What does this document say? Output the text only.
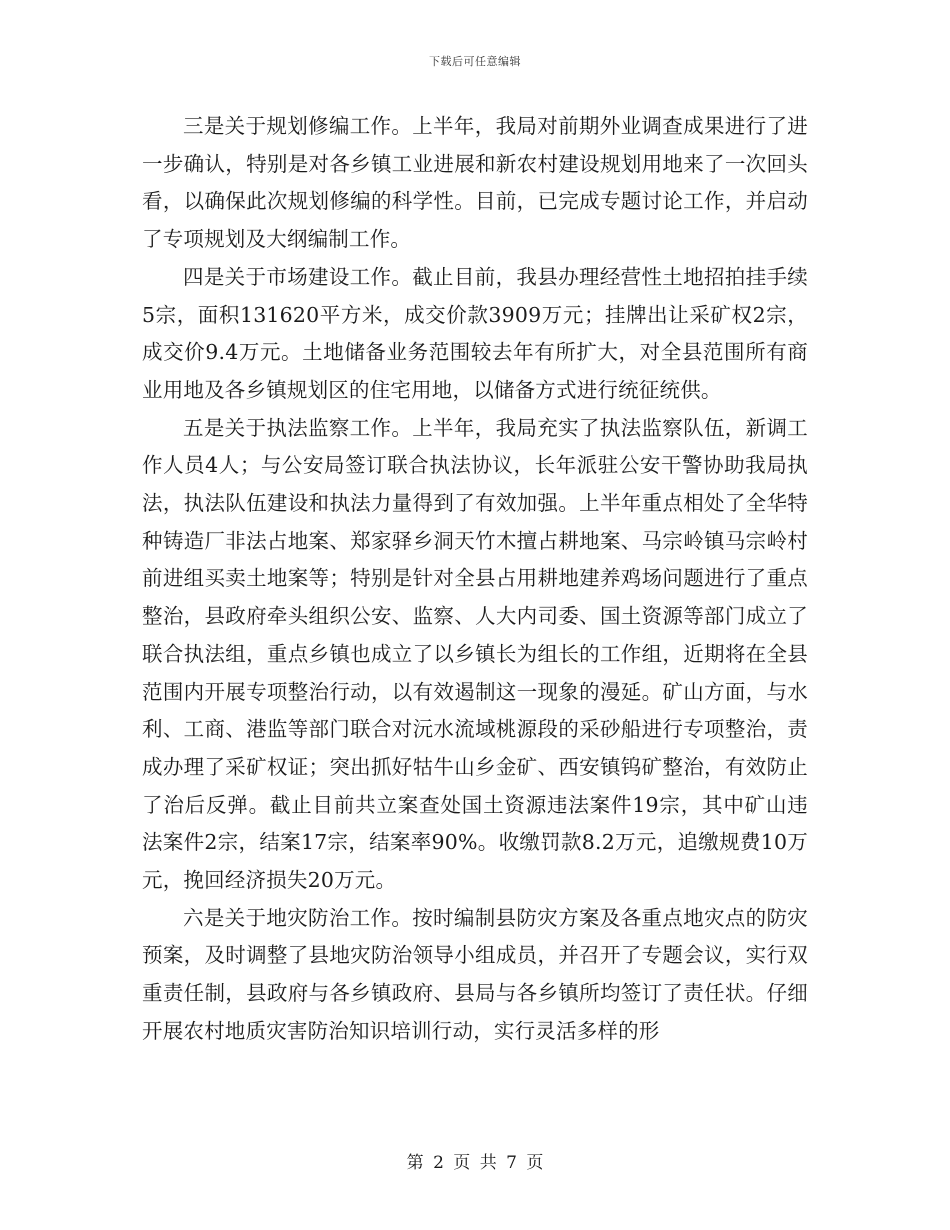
下载后可任意编辑

三是关于规划修编工作。上半年，我局对前期外业调查成果进行了进一步确认，特别是对各乡镇工业进展和新农村建设规划用地来了一次回头看，以确保此次规划修编的科学性。目前，已完成专题讨论工作，并启动了专项规划及大纲编制工作。

四是关于市场建设工作。截止目前，我县办理经营性土地招拍挂手续5宗，面积131620平方米，成交价款3909万元；挂牌出让采矿权2宗，成交价9.4万元。土地储备业务范围较去年有所扩大，对全县范围所有商业用地及各乡镇规划区的住宅用地，以储备方式进行统征统供。

五是关于执法监察工作。上半年，我局充实了执法监察队伍，新调工作人员4人；与公安局签订联合执法协议，长年派驻公安干警协助我局执法，执法队伍建设和执法力量得到了有效加强。上半年重点相处了全华特种铸造厂非法占地案、郑家驿乡洞天竹木擅占耕地案、马宗岭镇马宗岭村前进组买卖土地案等；特别是针对全县占用耕地建养鸡场问题进行了重点整治，县政府牵头组织公安、监察、人大内司委、国土资源等部门成立了联合执法组，重点乡镇也成立了以乡镇长为组长的工作组，近期将在全县范围内开展专项整治行动，以有效遏制这一现象的漫延。矿山方面，与水利、工商、港监等部门联合对沅水流域桃源段的采砂船进行专项整治，责成办理了采矿权证；突出抓好牯牛山乡金矿、西安镇钨矿整治，有效防止了治后反弹。截止目前共立案查处国土资源违法案件19宗，其中矿山违法案件2宗，结案17宗，结案率90%。收缴罚款8.2万元，追缴规费10万元，挽回经济损失20万元。

六是关于地灾防治工作。按时编制县防灾方案及各重点地灾点的防灾预案，及时调整了县地灾防治领导小组成员，并召开了专题会议，实行双重责任制，县政府与各乡镇政府、县局与各乡镇所均签订了责任状。仔细开展农村地质灾害防治知识培训行动，实行灵活多样的形

第 2 页 共 7 页
